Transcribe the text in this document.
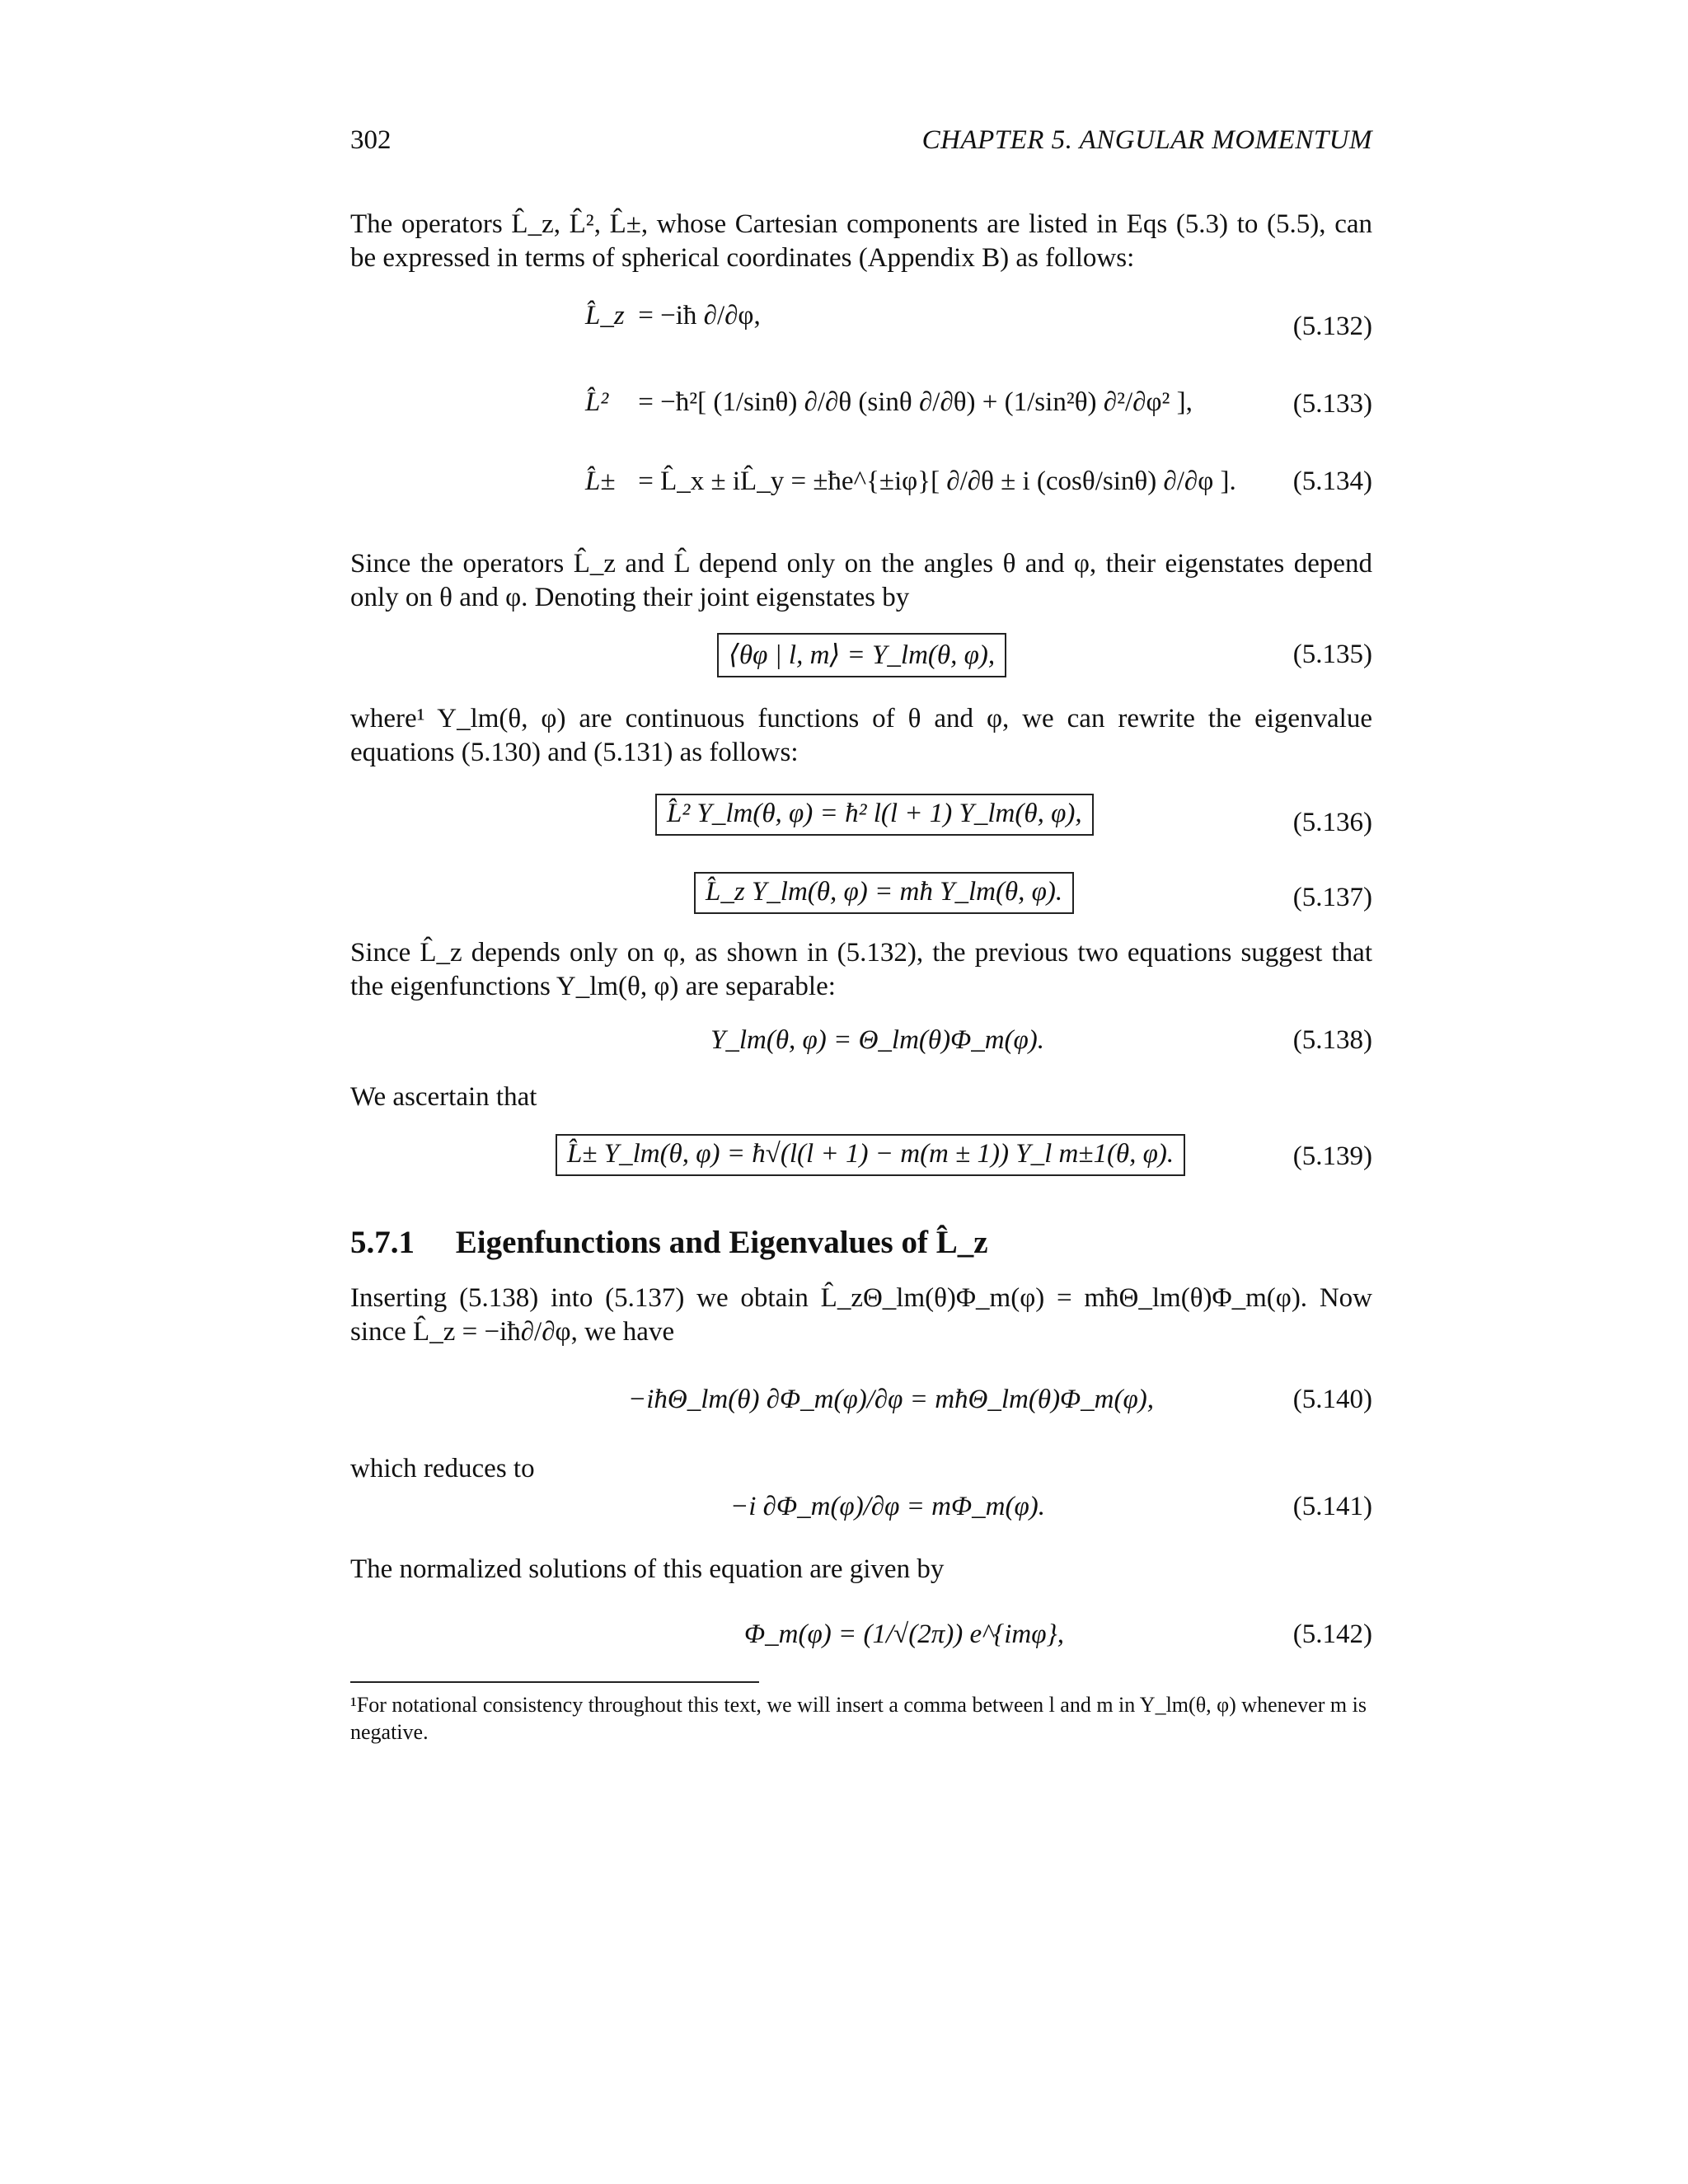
302	CHAPTER 5. ANGULAR MOMENTUM
The operators L̂_z, L̂², L̂±, whose Cartesian components are listed in Eqs (5.3) to (5.5), can be expressed in terms of spherical coordinates (Appendix B) as follows:
L̂_z = −iħ ∂/∂φ,	(5.132)
L̂² = −ħ²[ (1/sinθ) ∂/∂θ (sinθ ∂/∂θ) + (1/sin²θ) ∂²/∂φ² ],	(5.133)
L̂± = L̂_x ± iL̂_y = ±ħe^{±iφ}[ ∂/∂θ ± i (cosθ/sinθ) ∂/∂φ ]. (5.134)
Since the operators L̂_z and L̂ depend only on the angles θ and φ, their eigenstates depend only on θ and φ. Denoting their joint eigenstates by
⟨θφ | l, m⟩ = Y_lm(θ, φ),	(5.135)
where¹ Y_lm(θ, φ) are continuous functions of θ and φ, we can rewrite the eigenvalue equations (5.130) and (5.131) as follows:
L̂² Y_lm(θ, φ) = ħ² l(l + 1) Y_lm(θ, φ),	(5.136)
L̂_z Y_lm(θ, φ) = mħ Y_lm(θ, φ).	(5.137)
Since L̂_z depends only on φ, as shown in (5.132), the previous two equations suggest that the eigenfunctions Y_lm(θ, φ) are separable:
Y_lm(θ, φ) = Θ_lm(θ)Φ_m(φ).	(5.138)
We ascertain that
L̂± Y_lm(θ, φ) = ħ√(l(l + 1) − m(m ± 1)) Y_l m±1(θ, φ).	(5.139)
5.7.1 Eigenfunctions and Eigenvalues of L̂_z
Inserting (5.138) into (5.137) we obtain L̂_zΘ_lm(θ)Φ_m(φ) = mħΘ_lm(θ)Φ_m(φ). Now since L̂_z = −iħ∂/∂φ, we have
−iħΘ_lm(θ) ∂Φ_m(φ)/∂φ = mħΘ_lm(θ)Φ_m(φ),	(5.140)
which reduces to
−i ∂Φ_m(φ)/∂φ = mΦ_m(φ).	(5.141)
The normalized solutions of this equation are given by
Φ_m(φ) = (1/√(2π)) e^{imφ},	(5.142)
¹For notational consistency throughout this text, we will insert a comma between l and m in Y_lm(θ, φ) whenever m is negative.
